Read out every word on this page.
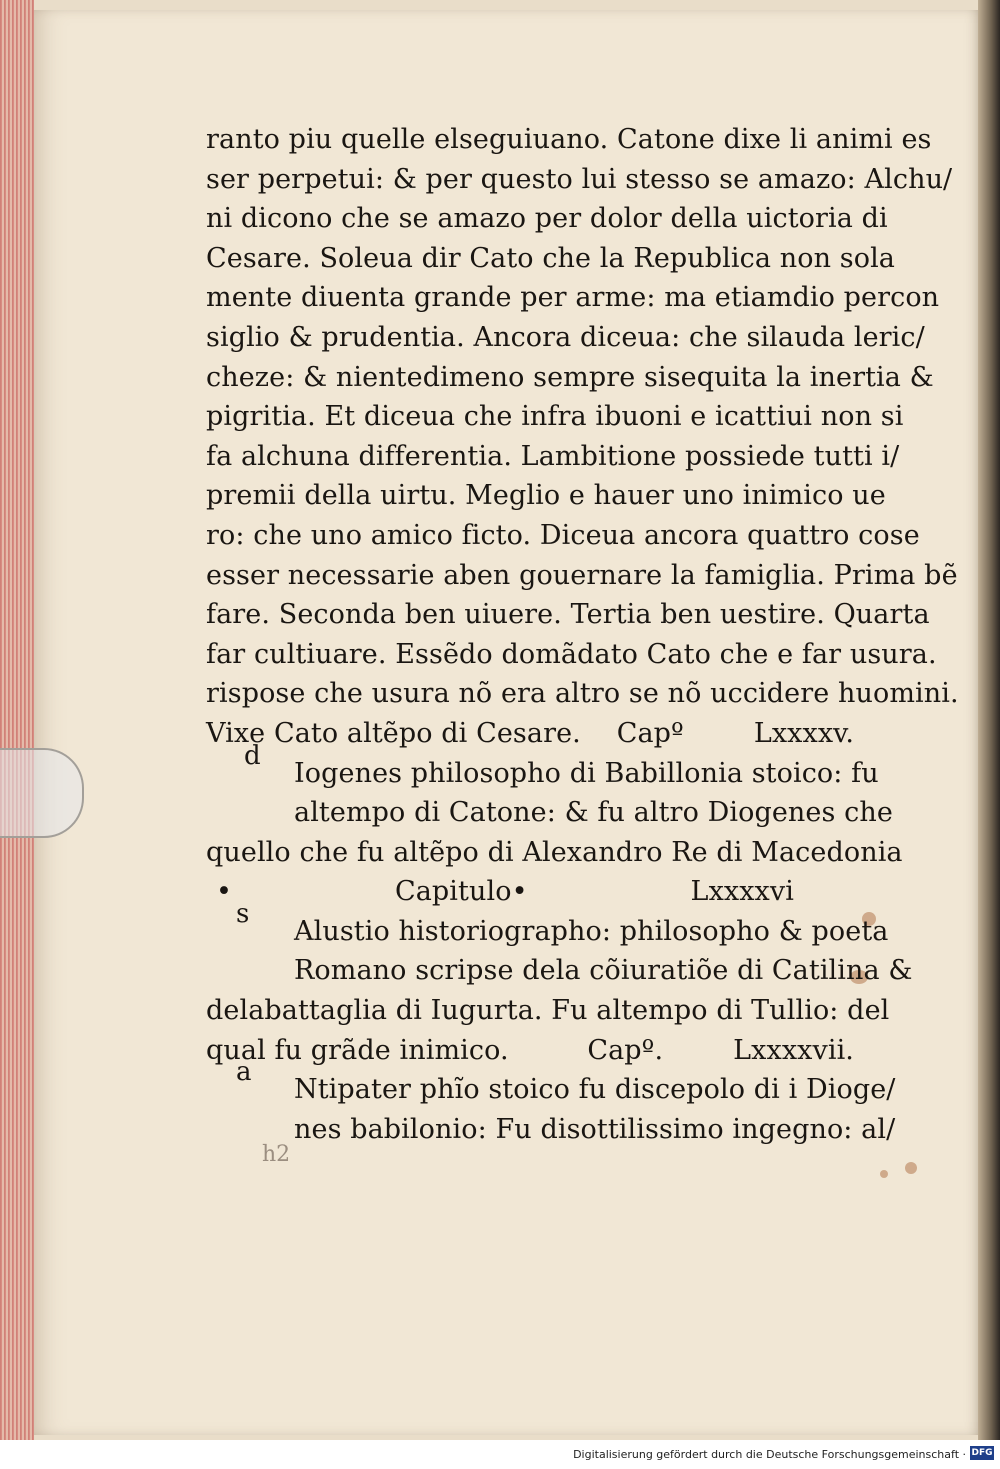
ranto piu quelle elseguiuano. Catone dixe li animi es
ser perpetui: & per questo lui stesso se amazo: Alchu/
ni dicono che se amazo per dolor della uictoria di
Cesare. Soleua dir Cato che la Republica non sola
mente diuenta grande per arme: ma etiamdio percon
siglio & prudentia. Ancora diceua: che silauda leric/
cheze: & nientedimeno sempre sisequita la inertia &
pigritia. Et diceua che infra ibuoni e icattiui non si
fa alchuna differentia. Lambitione possiede tutti i/
premii della uirtu. Meglio e hauer uno inimico ue
ro: che uno amico ficto. Diceua ancora quattro cose
esser necessarie aben gouernare la famiglia. Prima bẽ
fare. Seconda ben uiuere. Tertia ben uestire. Quarta
far cultiuare. Essẽdo domãdato Cato che e far usura.
rispose che usura nõ era altro se nõ uccidere huomini.
Vixe Cato altẽpo di Cesare. Capº	Lxxxxv.
Iogenes philosopho di Babillonia stoico: fu
altempo di Catone: & fu altro Diogenes che
quello che fu altẽpo di Alexandro Re di Macedonia
•	Capitulo•	Lxxxxvi
Alustio historiographo: philosopho & poeta
Romano scripse dela cõiuratiõe di Catilina &
delabattaglia di Iugurta. Fu altempo di Tullio: del
qual fu grãde inimico.	Capº.	Lxxxxvii.
Ntipater phĩo stoico fu discepolo di i Dioge/
nes babilonio: Fu disottilissimo ingegno: al/
d
s
a
h2
Digitalisierung gefördert durch die Deutsche Forschungsgemeinschaft · DFG
